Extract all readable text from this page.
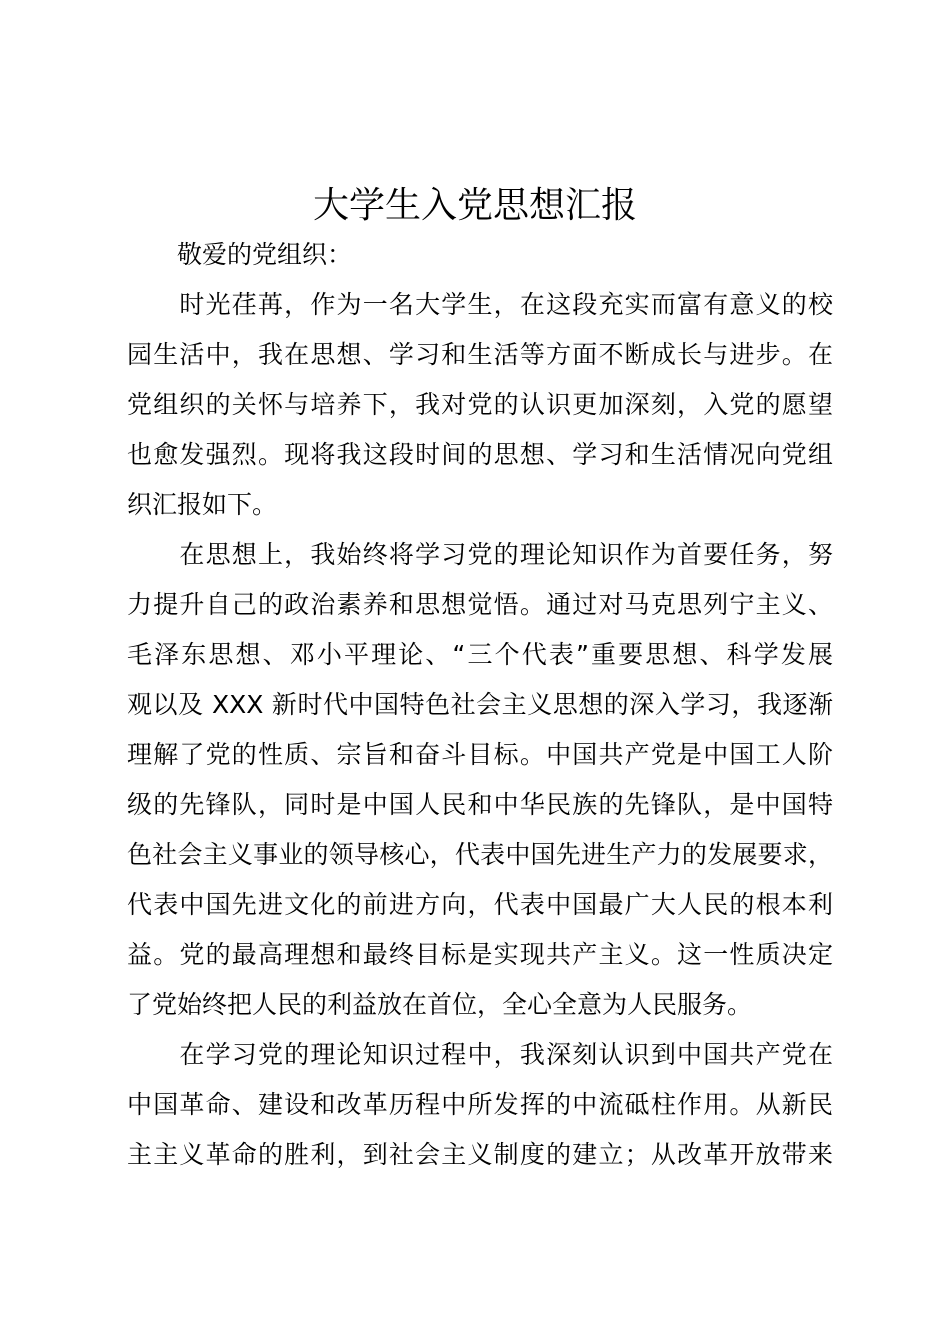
大学生入党思想汇报
　　敬爱的党组织：
　　时光荏苒，作为一名大学生，在这段充实而富有意义的校
园生活中，我在思想、学习和生活等方面不断成长与进步。在
党组织的关怀与培养下，我对党的认识更加深刻，入党的愿望
也愈发强烈。现将我这段时间的思想、学习和生活情况向党组
织汇报如下。
　　在思想上，我始终将学习党的理论知识作为首要任务，努
力提升自己的政治素养和思想觉悟。通过对马克思列宁主义、
毛泽东思想、邓小平理论、“三个代表”重要思想、科学发展
观以及 XXX 新时代中国特色社会主义思想的深入学习，我逐渐
理解了党的性质、宗旨和奋斗目标。中国共产党是中国工人阶
级的先锋队，同时是中国人民和中华民族的先锋队，是中国特
色社会主义事业的领导核心，代表中国先进生产力的发展要求，
代表中国先进文化的前进方向，代表中国最广大人民的根本利
益。党的最高理想和最终目标是实现共产主义。这一性质决定
了党始终把人民的利益放在首位，全心全意为人民服务。
　　在学习党的理论知识过程中，我深刻认识到中国共产党在
中国革命、建设和改革历程中所发挥的中流砥柱作用。从新民
主主义革命的胜利，到社会主义制度的建立；从改革开放带来
